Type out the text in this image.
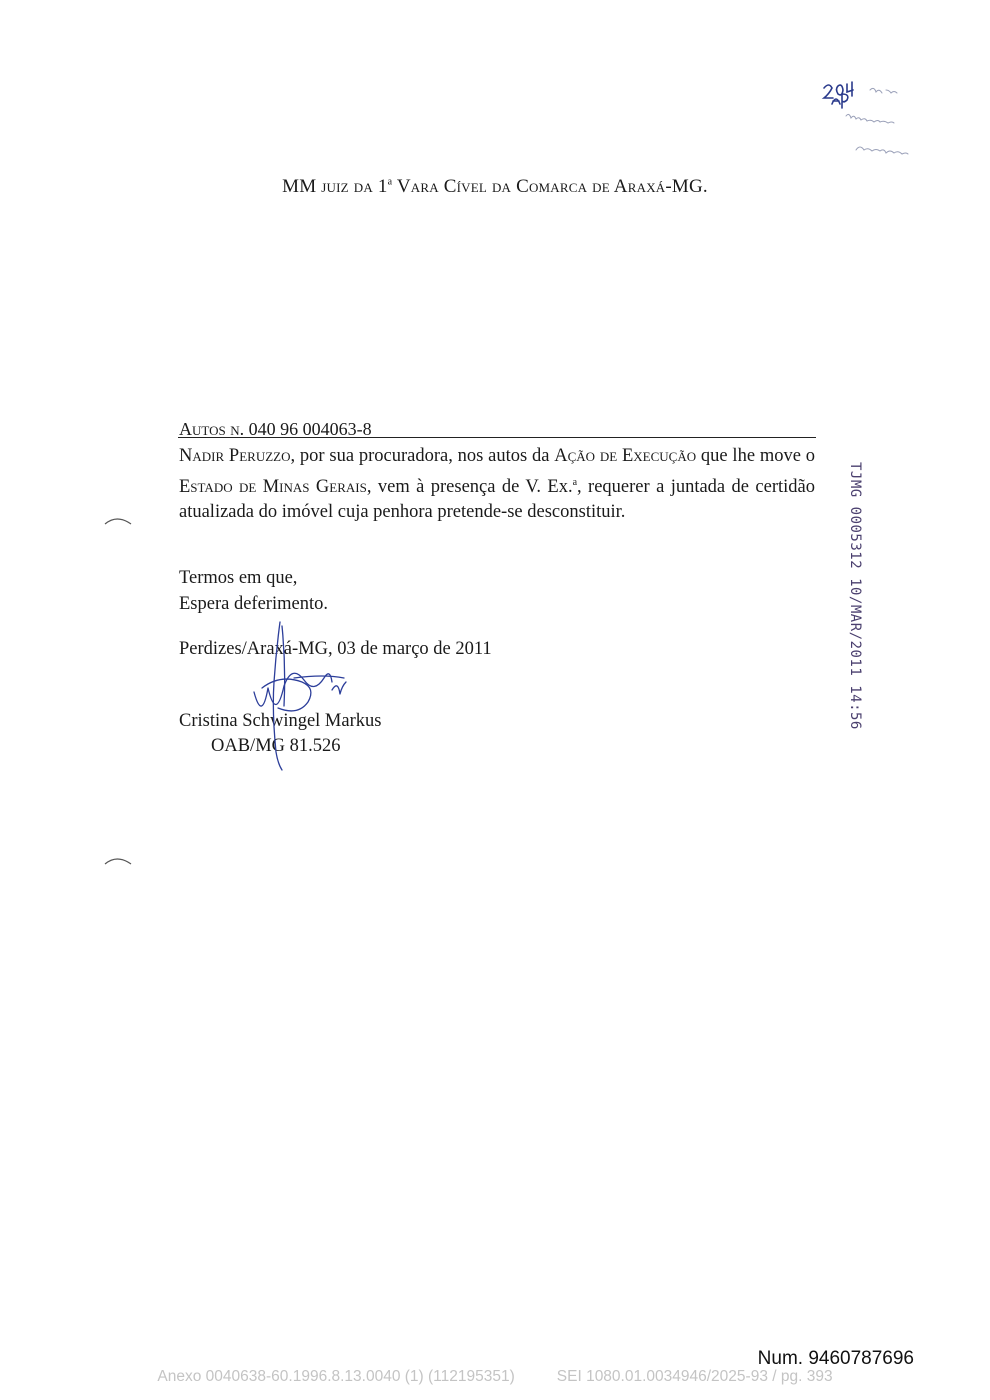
MM juiz da 1$^a$ Vara Cível da Comarca de Araxá-MG.
Autos n. 040 96 004063-8
Nadir Peruzzo, por sua procuradora, nos autos da Ação de Execução que lhe move o Estado de Minas Gerais, vem à presença de V. Ex.$^a$, requerer a juntada de certidão atualizada do imóvel cuja penhora pretende-se desconstituir.
Termos em que,
Espera deferimento.
Perdizes/Araxá-MG, 03 de março de 2011
Cristina Schwingel Markus
OAB/MG 81.526
TJMG 0005312 10/MAR/2011 14:56
Num. 9460787696
Anexo 0040638-60.1996.8.13.0040 (1) (112195351)	SEI 1080.01.0034946/2025-93 / pg. 393
